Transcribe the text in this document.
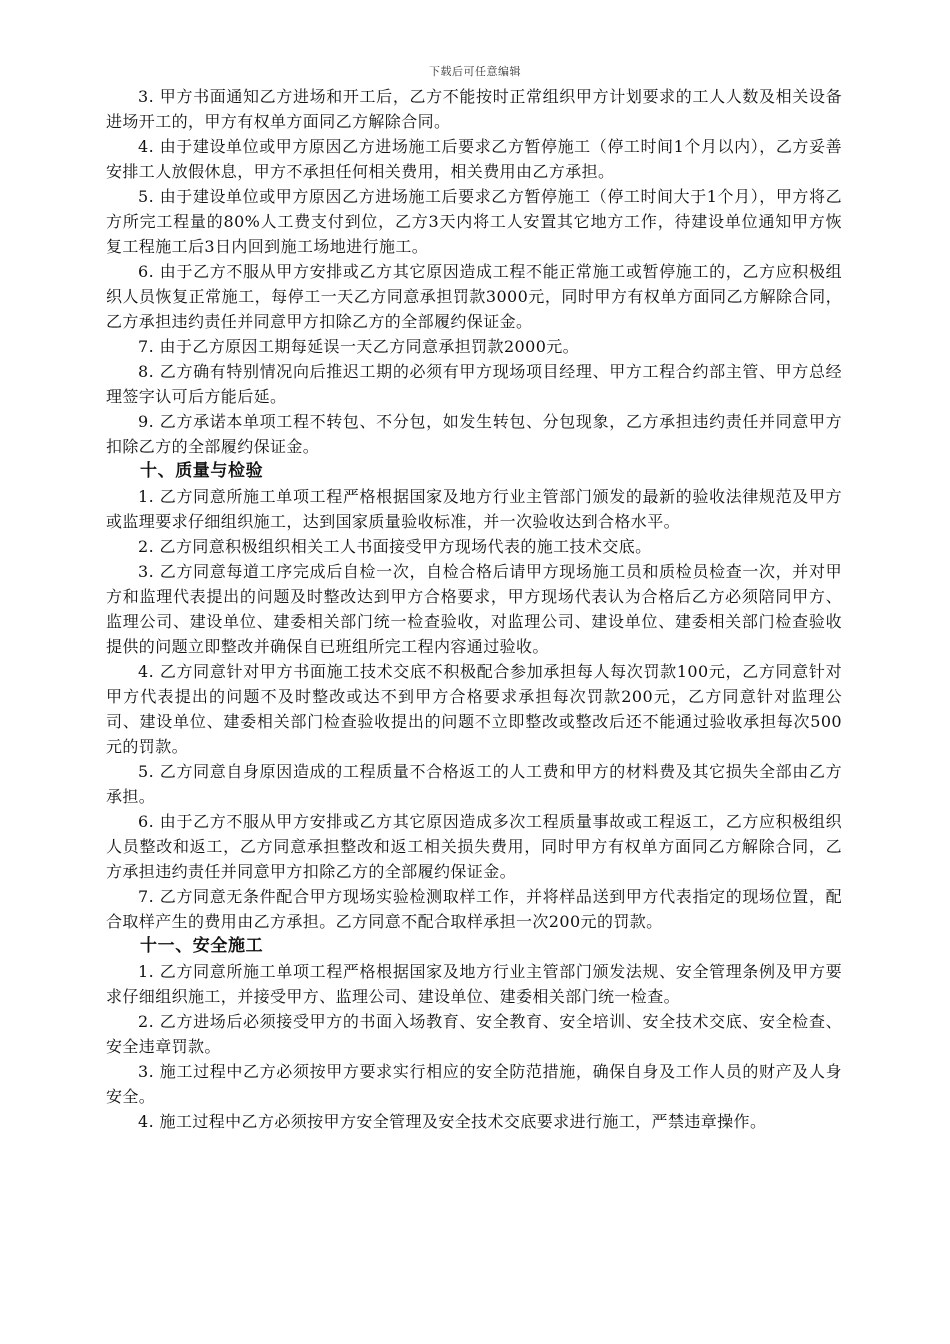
下载后可任意编辑

3. 甲方书面通知乙方进场和开工后，乙方不能按时正常组织甲方计划要求的工人人数及相关设备进场开工的，甲方有权单方面同乙方解除合同。

4. 由于建设单位或甲方原因乙方进场施工后要求乙方暂停施工（停工时间1个月以内），乙方妥善安排工人放假休息，甲方不承担任何相关费用，相关费用由乙方承担。

5. 由于建设单位或甲方原因乙方进场施工后要求乙方暂停施工（停工时间大于1个月），甲方将乙方所完工程量的80%人工费支付到位，乙方3天内将工人安置其它地方工作，待建设单位通知甲方恢复工程施工后3日内回到施工场地进行施工。

6. 由于乙方不服从甲方安排或乙方其它原因造成工程不能正常施工或暂停施工的，乙方应积极组织人员恢复正常施工，每停工一天乙方同意承担罚款3000元，同时甲方有权单方面同乙方解除合同，乙方承担违约责任并同意甲方扣除乙方的全部履约保证金。

7. 由于乙方原因工期每延误一天乙方同意承担罚款2000元。

8. 乙方确有特别情况向后推迟工期的必须有甲方现场项目经理、甲方工程合约部主管、甲方总经理签字认可后方能后延。

9. 乙方承诺本单项工程不转包、不分包，如发生转包、分包现象，乙方承担违约责任并同意甲方扣除乙方的全部履约保证金。

十、质量与检验

1. 乙方同意所施工单项工程严格根据国家及地方行业主管部门颁发的最新的验收法律规范及甲方或监理要求仔细组织施工，达到国家质量验收标准，并一次验收达到合格水平。

2. 乙方同意积极组织相关工人书面接受甲方现场代表的施工技术交底。

3. 乙方同意每道工序完成后自检一次，自检合格后请甲方现场施工员和质检员检查一次，并对甲方和监理代表提出的问题及时整改达到甲方合格要求，甲方现场代表认为合格后乙方必须陪同甲方、监理公司、建设单位、建委相关部门统一检查验收，对监理公司、建设单位、建委相关部门检查验收提供的问题立即整改并确保自已班组所完工程内容通过验收。

4. 乙方同意针对甲方书面施工技术交底不积极配合参加承担每人每次罚款100元，乙方同意针对甲方代表提出的问题不及时整改或达不到甲方合格要求承担每次罚款200元，乙方同意针对监理公司、建设单位、建委相关部门检查验收提出的问题不立即整改或整改后还不能通过验收承担每次500元的罚款。

5. 乙方同意自身原因造成的工程质量不合格返工的人工费和甲方的材料费及其它损失全部由乙方承担。

6. 由于乙方不服从甲方安排或乙方其它原因造成多次工程质量事故或工程返工，乙方应积极组织人员整改和返工，乙方同意承担整改和返工相关损失费用，同时甲方有权单方面同乙方解除合同，乙方承担违约责任并同意甲方扣除乙方的全部履约保证金。

7. 乙方同意无条件配合甲方现场实验检测取样工作，并将样品送到甲方代表指定的现场位置，配合取样产生的费用由乙方承担。乙方同意不配合取样承担一次200元的罚款。

十一、安全施工

1. 乙方同意所施工单项工程严格根据国家及地方行业主管部门颁发法规、安全管理条例及甲方要求仔细组织施工，并接受甲方、监理公司、建设单位、建委相关部门统一检查。

2. 乙方进场后必须接受甲方的书面入场教育、安全教育、安全培训、安全技术交底、安全检查、安全违章罚款。

3. 施工过程中乙方必须按甲方要求实行相应的安全防范措施，确保自身及工作人员的财产及人身安全。

4. 施工过程中乙方必须按甲方安全管理及安全技术交底要求进行施工，严禁违章操作。
